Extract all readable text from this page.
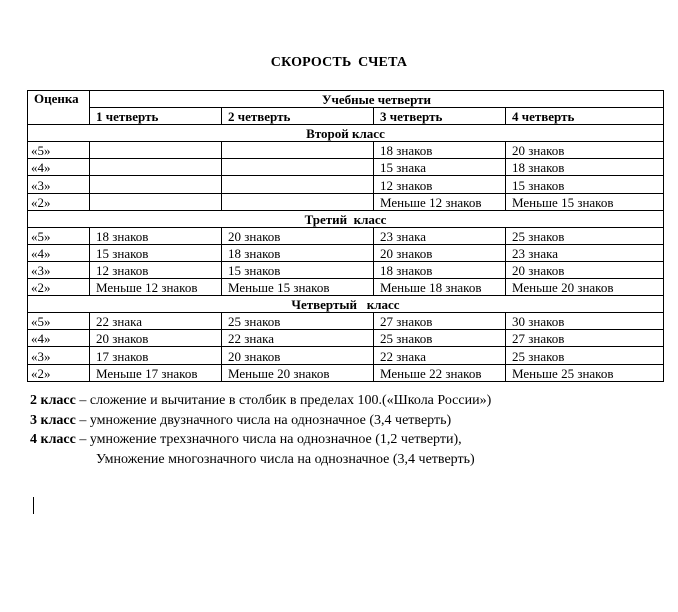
СКОРОСТЬ СЧЕТА
Оценка	Учебные четверти			
	1 четверть	2 четверть	3 четверть	4 четверть
Второй класс				
«5»			18 знаков	20 знаков
«4»			15 знака	18 знаков
«3»			12 знаков	15 знаков
«2»			Меньше 12 знаков	Меньше 15 знаков
Третий  класс				
«5»	18 знаков	20 знаков	23 знака	25 знаков
«4»	15 знаков	18 знаков	20 знаков	23 знака
«3»	12 знаков	15 знаков	18 знаков	20 знаков
«2»	Меньше 12 знаков	Меньше 15 знаков	Меньше 18 знаков	Меньше 20 знаков
Четвертый   класс				
«5»	22 знака	25 знаков	27 знаков	30 знаков
«4»	20 знаков	22 знака	25 знаков	27 знаков
«3»	17 знаков	20 знаков	22 знака	25 знаков
«2»	Меньше 17 знаков	Меньше 20 знаков	Меньше 22 знаков	Меньше 25 знаков
2 класс – сложение и вычитание в столбик в пределах 100.(«Школа России»)
3 класс – умножение двузначного числа на однозначное (3,4 четверть)
4 класс – умножение трехзначного числа на однозначное (1,2 четверти),
Умножение многозначного числа на однозначное (3,4 четверть)
